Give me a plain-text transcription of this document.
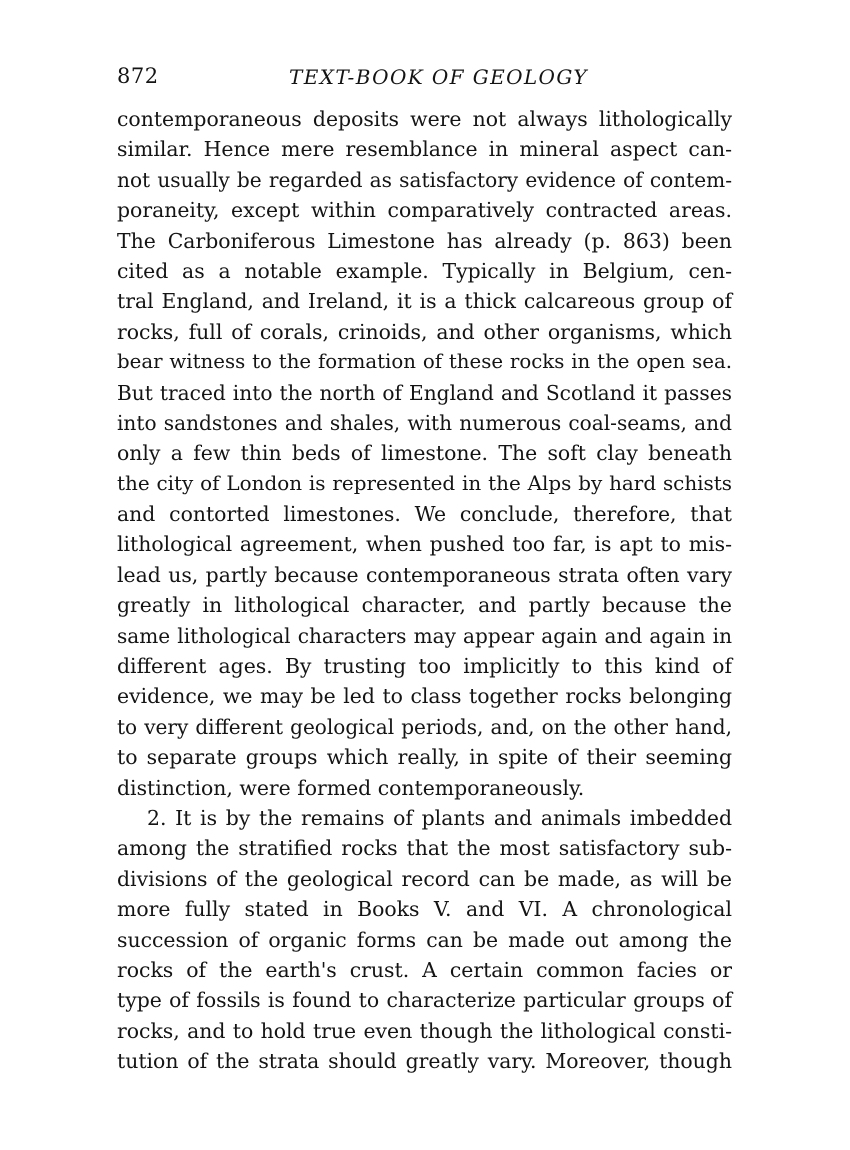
872	TEXT-BOOK OF GEOLOGY
contemporaneous deposits were not always lithologically
similar. Hence mere resemblance in mineral aspect can-
not usually be regarded as satisfactory evidence of contem-
poraneity, except within comparatively contracted areas.
The Carboniferous Limestone has already (p. 863) been
cited as a notable example. Typically in Belgium, cen-
tral England, and Ireland, it is a thick calcareous group of
rocks, full of corals, crinoids, and other organisms, which
bear witness to the formation of these rocks in the open sea.
But traced into the north of England and Scotland it passes
into sandstones and shales, with numerous coal-seams, and
only a few thin beds of limestone. The soft clay beneath
the city of London is represented in the Alps by hard schists
and contorted limestones. We conclude, therefore, that
lithological agreement, when pushed too far, is apt to mis-
lead us, partly because contemporaneous strata often vary
greatly in lithological character, and partly because the
same lithological characters may appear again and again in
different ages. By trusting too implicitly to this kind of
evidence, we may be led to class together rocks belonging
to very different geological periods, and, on the other hand,
to separate groups which really, in spite of their seeming
distinction, were formed contemporaneously.
2. It is by the remains of plants and animals imbedded
among the stratified rocks that the most satisfactory sub-
divisions of the geological record can be made, as will be
more fully stated in Books V. and VI. A chronological
succession of organic forms can be made out among the
rocks of the earth's crust. A certain common facies or
type of fossils is found to characterize particular groups of
rocks, and to hold true even though the lithological consti-
tution of the strata should greatly vary. Moreover, though
